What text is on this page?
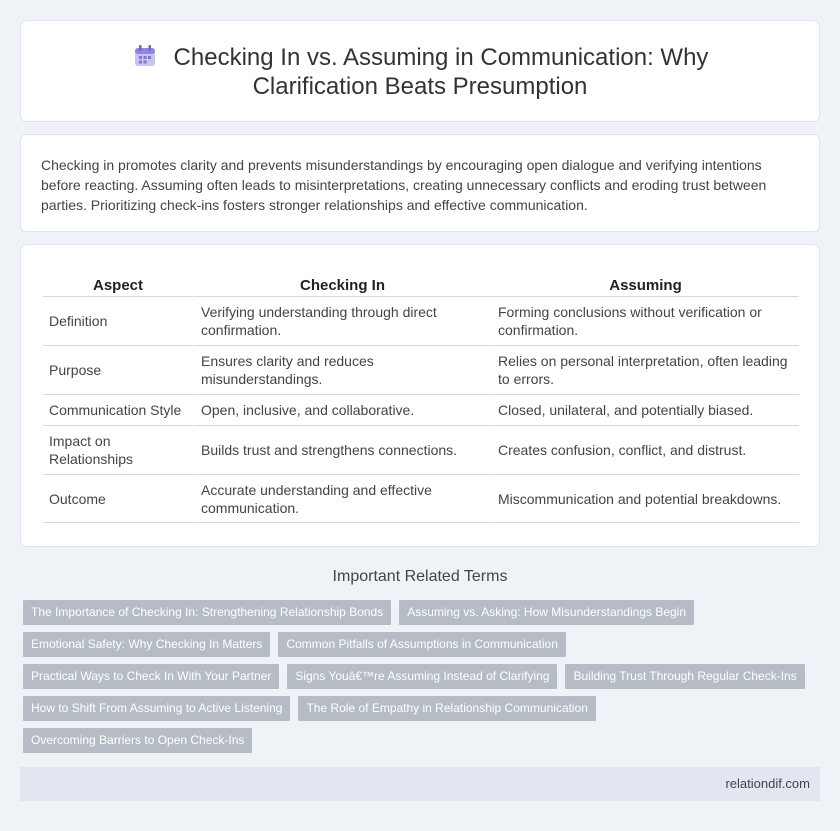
Checking In vs. Assuming in Communication: Why Clarification Beats Presumption

Checking in promotes clarity and prevents misunderstandings by encouraging open dialogue and verifying intentions before reacting. Assuming often leads to misinterpretations, creating unnecessary conflicts and eroding trust between parties. Prioritizing check-ins fosters stronger relationships and effective communication.

Aspect	Checking In	Assuming
Definition	Verifying understanding through direct confirmation.	Forming conclusions without verification or confirmation.
Purpose	Ensures clarity and reduces misunderstandings.	Relies on personal interpretation, often leading to errors.
Communication Style	Open, inclusive, and collaborative.	Closed, unilateral, and potentially biased.
Impact on Relationships	Builds trust and strengthens connections.	Creates confusion, conflict, and distrust.
Outcome	Accurate understanding and effective communication.	Miscommunication and potential breakdowns.
Important Related Terms
The Importance of Checking In: Strengthening Relationship Bonds	Assuming vs. Asking: How Misunderstandings Begin
Emotional Safety: Why Checking In Matters	Common Pitfalls of Assumptions in Communication
Practical Ways to Check In With Your Partner	Signs Youâ€™re Assuming Instead of Clarifying	Building Trust Through Regular Check-Ins
How to Shift From Assuming to Active Listening	The Role of Empathy in Relationship Communication
Overcoming Barriers to Open Check-Ins
relationdif.com
